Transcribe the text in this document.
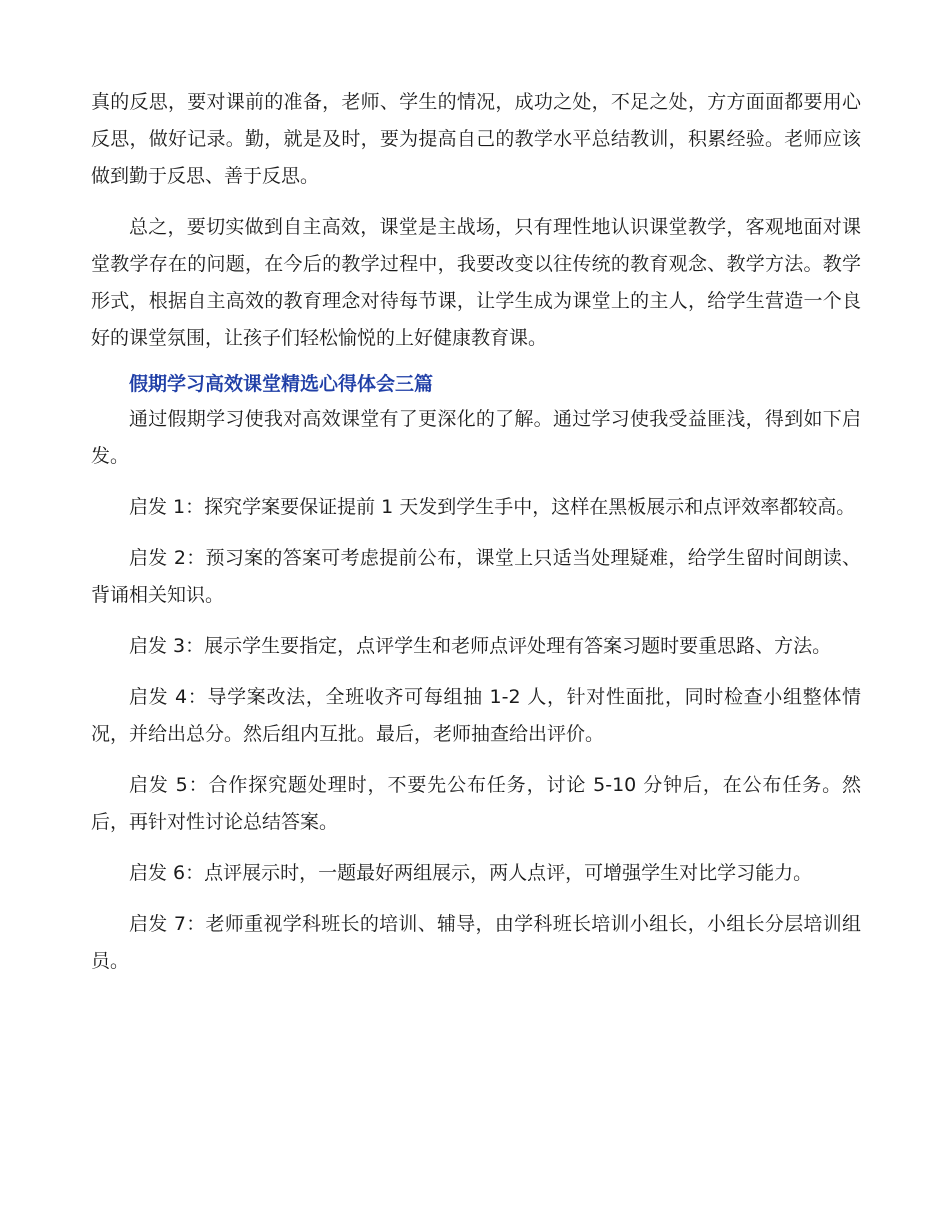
真的反思，要对课前的准备，老师、学生的情况，成功之处，不足之处，方方面面都要用心反思，做好记录。勤，就是及时，要为提高自己的教学水平总结教训，积累经验。老师应该做到勤于反思、善于反思。

总之，要切实做到自主高效，课堂是主战场，只有理性地认识课堂教学，客观地面对课堂教学存在的问题，在今后的教学过程中，我要改变以往传统的教育观念、教学方法。教学形式，根据自主高效的教育理念对待每节课，让学生成为课堂上的主人，给学生营造一个良好的课堂氛围，让孩子们轻松愉悦的上好健康教育课。

假期学习高效课堂精选心得体会三篇

通过假期学习使我对高效课堂有了更深化的了解。通过学习使我受益匪浅，得到如下启发。

启发 1：探究学案要保证提前 1 天发到学生手中，这样在黑板展示和点评效率都较高。

启发 2：预习案的答案可考虑提前公布，课堂上只适当处理疑难，给学生留时间朗读、背诵相关知识。

启发 3：展示学生要指定，点评学生和老师点评处理有答案习题时要重思路、方法。

启发 4：导学案改法，全班收齐可每组抽 1-2 人，针对性面批，同时检查小组整体情况，并给出总分。然后组内互批。最后，老师抽查给出评价。

启发 5：合作探究题处理时，不要先公布任务，讨论 5-10 分钟后，在公布任务。然后，再针对性讨论总结答案。

启发 6：点评展示时，一题最好两组展示，两人点评，可增强学生对比学习能力。

启发 7：老师重视学科班长的培训、辅导，由学科班长培训小组长，小组长分层培训组员。
